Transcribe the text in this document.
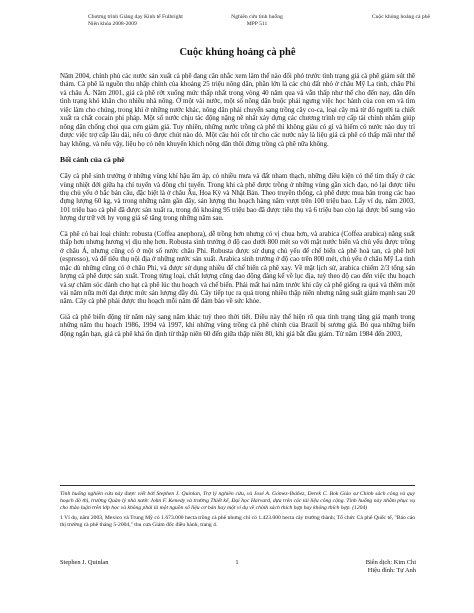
Chương trình Giảng dạy Kinh tế Fulbright
Niên khóa 2008-2009
Nghiên cứu tình huống
MPP 511
Cuộc khủng hoảng cà phê
Cuộc khủng hoảng cà phê

Năm 2004, chính phủ các nước sản xuất cà phê đang cân nhắc xem làm thế nào đối phó trước tình trạng giá cà phê giảm sút thê thảm. Cà phê là nguồn thu nhập chính của khoảng 25 triệu nông dân, phần lớn là các chủ đất nhỏ ở châu Mỹ La tinh, châu Phi và châu Á. Năm 2001, giá cà phê rớt xuống mức thấp nhất trong vòng 40 năm qua và vẫn thấp như thế cho đến nay, dẫn đến tình trạng khó khăn cho nhiều nhà nông. Ở một vài nước, một số nông dân buộc phải ngưng việc học hành của con em và tìm việc làm cho chúng, trong khi ở những nước khác, nông dân phải chuyển sang trồng cây co-ca, loại cây mà từ đó người ta chiết xuất ra chất cocain phi pháp. Một số nước chịu tác động nặng nề nhất xảy dựng các chương trình trợ cấp tài chính nhằm giúp nông dân chống chọi qua cơn giảm giá. Tuy nhiên, những nước trồng cà phê thì không giàu có gì và hiếm có nước nào duy trì được việc trợ cấp lâu dài, nếu có được chút nào đó. Một câu hỏi cốt tử cho các nước này là liệu giá cà phê có thấp mãi như thế hay không, và nếu vậy, liệu họ có nên khuyến khích nông dân thôi đừng trồng cà phê nữa không.

Bối cảnh của cà phê

Cây cà phê sinh trưởng ở những vùng khí hậu ẩm áp, có nhiều mưa và đất nham thạch, những điều kiện có thể tìm thấy ở các vùng nhiệt đới giữa hạ chí tuyến và đông chí tuyến. Trong khi cà phê được trồng ở những vùng gần xích đạo, nó lại được tiêu thụ chủ yếu ở bắc bán cầu, đặc biệt là ở châu Âu, Hoa Kỳ và Nhật Bản. Theo truyền thống, cà phê được mua bán trong các bao đựng lượng 60 kg, và trong những năm gần đây, sản lượng thu hoạch hàng năm vượt trên 100 triệu bao. Lấy ví dụ, năm 2003, 101 triệu bao cà phê đã được sản xuất ra, trong đó khoảng 95 triệu bao đã được tiêu thụ và 6 triệu bao còn lại được bổ sung vào lượng dự trữ với hy vọng giá sẽ tăng trong những năm sau.

Cà phê có hai loại chính: robusta (Coffea anephora), dễ trồng hơn nhưng có vị chua hơn, và arabica (Coffea arabica) năng suất thấp hơn nhưng hương vị dịu nhẹ hơn. Robusta sinh trưởng ở độ cao dưới 800 mét so với mặt nước biển và chủ yếu được trồng ở châu Á, nhưng cũng có ở một số nước châu Phi. Robusta được sử dụng chủ yếu để chế biến cà phê hoà tan, cà phê hơi (espresso), và để tiêu thụ nội địa ở những nước sản xuất. Arabica sinh trưởng ở độ cao trên 800 mét, chủ yếu ở châu Mỹ La tinh mặc dù những cũng có ở châu Phi, và được sử dụng nhiều để chế biến cà phê xay. Về mặt lịch sử, arabica chiếm 2/3 tổng sản lượng cà phê được sản xuất. Trong từng loại, chất lượng cũng dao động đáng kể về lục địa, tuỳ theo độ cao đến việc thu hoạch và sự chăm sóc dành cho hạt cà phê lúc thu hoạch và chế biến. Phải mất hai năm trước khi cây cà phê giống ra quả và thêm một vài năm nữa mới đạt được mức sản lượng đầy đủ. Cây tiếp tục ra quả trong nhiều thập niên nhưng năng suất giảm mạnh sau 20 năm. Cây cà phê phải được thu hoạch mỗi năm để đảm bảo về sức khỏe.

Giá cà phê biến động từ năm này sang năm khác tuỳ theo thời tiết. Điều này thể hiện rõ qua tình trạng tăng giá mạnh trong những năm thu hoạch 1986, 1994 và 1997, khi những vùng trồng cà phê chính của Brazil bị sương giá. Bỏ qua những biến động ngắn hạn, giá cà phê khá ổn định từ thập niên 60 đến giữa thập niên 80, khi giá bắt đầu giảm. Từ năm 1984 đến 2003,

Tình huống nghiên cứu này được viết bởi Stephen J. Quinlan, Trợ lý nghiên cứu, và José A. Gómez-Ibáñez, Derek C. Bok Giáo sư Chính sách công và quy hoạch đô thị, trường Quản lý nhà nước John F. Kenedy và trường Thiết kế, Đại học Harvard, dựa trên các tài liệu công cộng. Tình huống này nhằm phục vụ cho thảo luận trên lớp học và không phải là một nguồn số liệu cơ bản hay một ví dụ về chính sách thích hợp hay không thích hợp. (1204)

1 Ví dụ, năm 2003, Mexico và Trung Mỹ có 1.673.000 hecta trồng cà phê nhưng chỉ có 1.423.000 hecta cây trưởng thành; Tổ chức Cà phê Quốc tế, "Báo cáo thị trường cà phê tháng 5-2004," thu cưa Giám đốc điều hành, trang 4.

Stephen J. Quinlan	1	Biên dịch: Kim Chi
Hiệu đính: Tự Anh
